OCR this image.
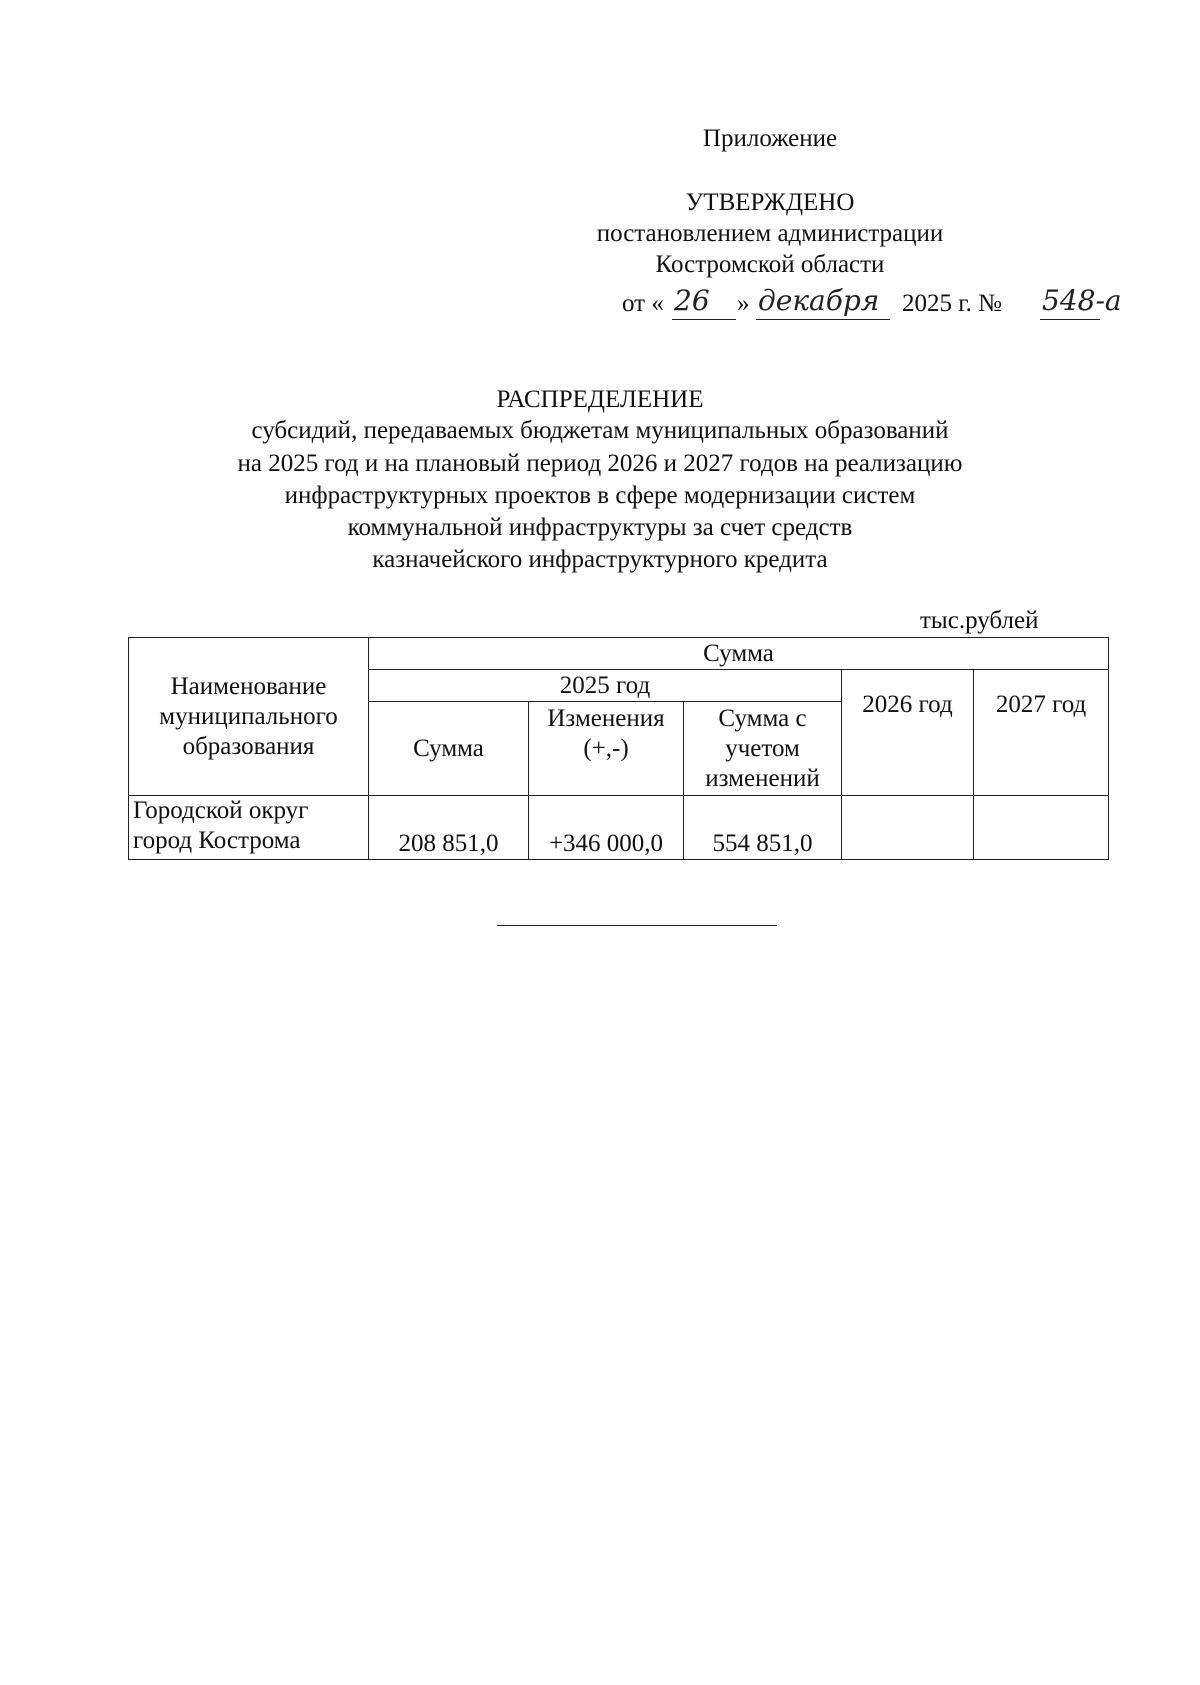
Приложение
УТВЕРЖДЕНО
постановлением администрации
Костромской области
от « 26 » декабря 2025 г. № 548-а
РАСПРЕДЕЛЕНИЕ
субсидий, передаваемых бюджетам муниципальных образований
на 2025 год и на плановый период 2026 и 2027 годов на реализацию
инфраструктурных проектов в сфере модернизации систем
коммунальной инфраструктуры за счет средств
казначейского инфраструктурного кредита
тыс.рублей
Наименование муниципального образования	Сумма				
	2025 год			2026 год	2027 год
	Сумма	Изменения (+,-)	Сумма с учетом изменений		
Городской округ город Кострома	208 851,0	+346 000,0	554 851,0		
